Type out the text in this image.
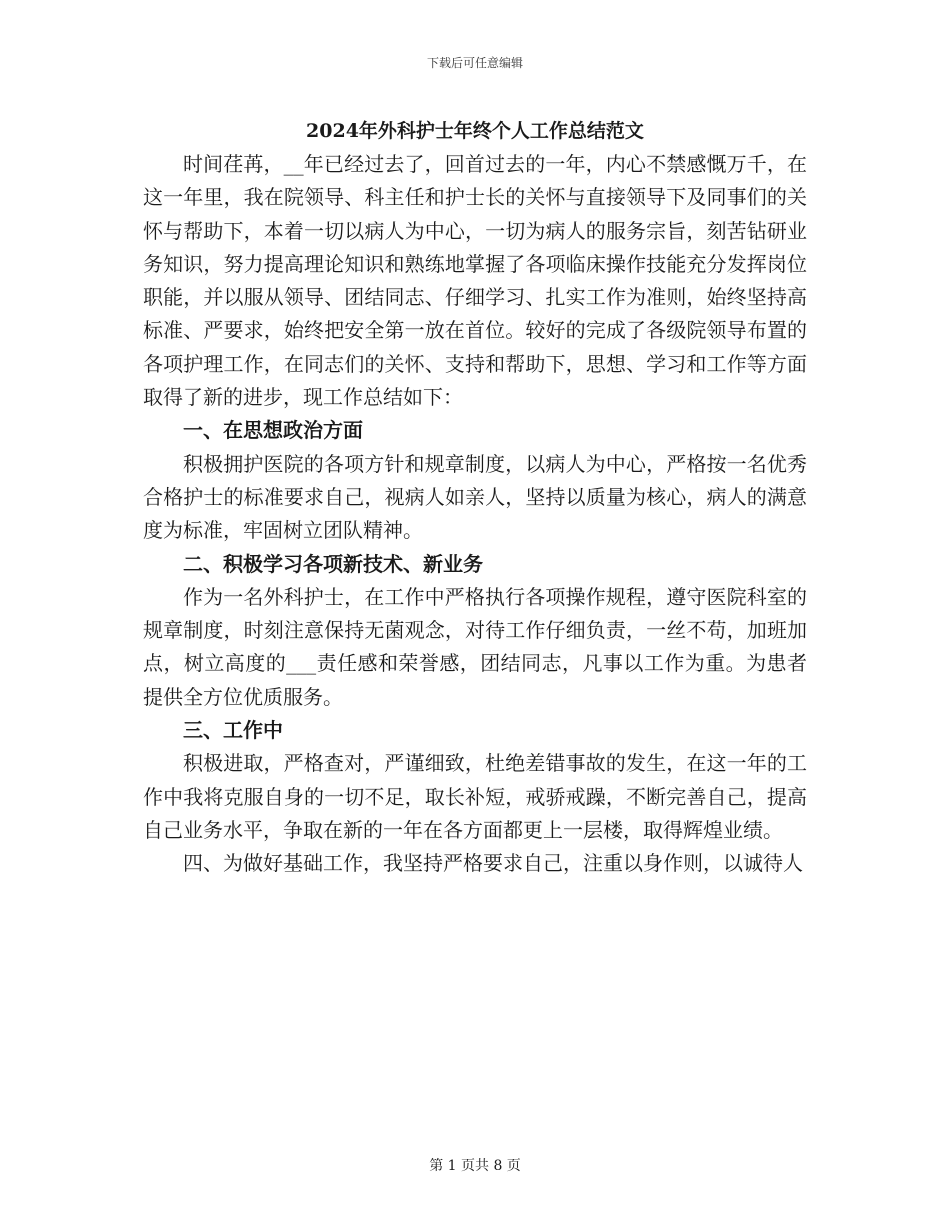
下载后可任意编辑
2024年外科护士年终个人工作总结范文

时间荏苒，__年已经过去了，回首过去的一年，内心不禁感慨万千，在这一年里，我在院领导、科主任和护士长的关怀与直接领导下及同事们的关怀与帮助下，本着一切以病人为中心，一切为病人的服务宗旨，刻苦钻研业务知识，努力提高理论知识和熟练地掌握了各项临床操作技能充分发挥岗位职能，并以服从领导、团结同志、仔细学习、扎实工作为准则，始终坚持高标准、严要求，始终把安全第一放在首位。较好的完成了各级院领导布置的各项护理工作，在同志们的关怀、支持和帮助下，思想、学习和工作等方面取得了新的进步，现工作总结如下：

一、在思想政治方面

积极拥护医院的各项方针和规章制度，以病人为中心，严格按一名优秀合格护士的标准要求自己，视病人如亲人，坚持以质量为核心，病人的满意度为标准，牢固树立团队精神。

二、积极学习各项新技术、新业务

作为一名外科护士，在工作中严格执行各项操作规程，遵守医院科室的规章制度，时刻注意保持无菌观念，对待工作仔细负责，一丝不苟，加班加点，树立高度的___责任感和荣誉感，团结同志，凡事以工作为重。为患者提供全方位优质服务。

三、工作中

积极进取，严格查对，严谨细致，杜绝差错事故的发生，在这一年的工作中我将克服自身的一切不足，取长补短，戒骄戒躁，不断完善自己，提高自己业务水平，争取在新的一年在各方面都更上一层楼，取得辉煌业绩。

四、为做好基础工作，我坚持严格要求自己，注重以身作则，以诚待人

第 1 页共 8 页
